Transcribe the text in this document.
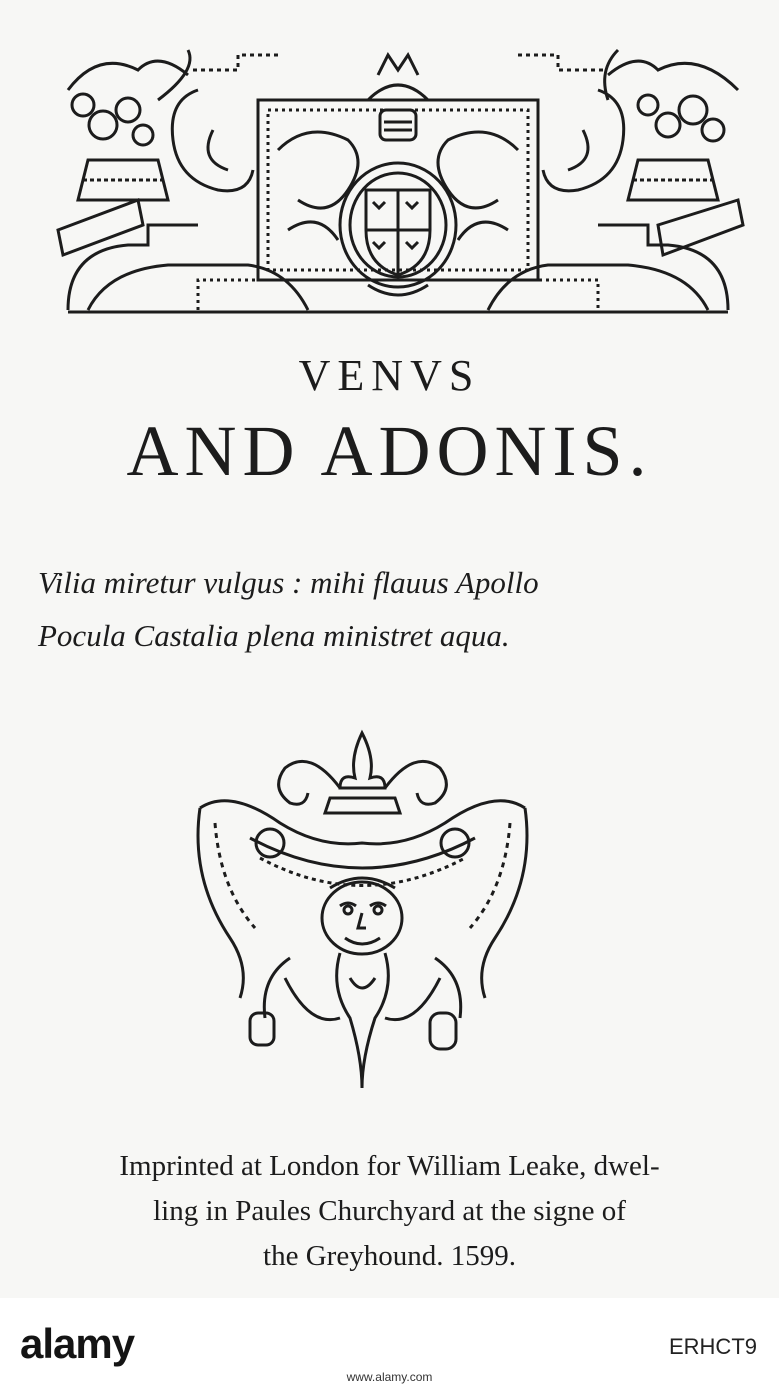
VENVS
AND ADONIS.
Vilia miretur vulgus : mihi flauus Apollo
Pocula Castalia plena ministret aqua.
Imprinted at London for William Leake, dwel-
ling in Paules Churchyard at the signe of
the Greyhound. 1599.
alamy	ERHCT9
www.alamy.com
